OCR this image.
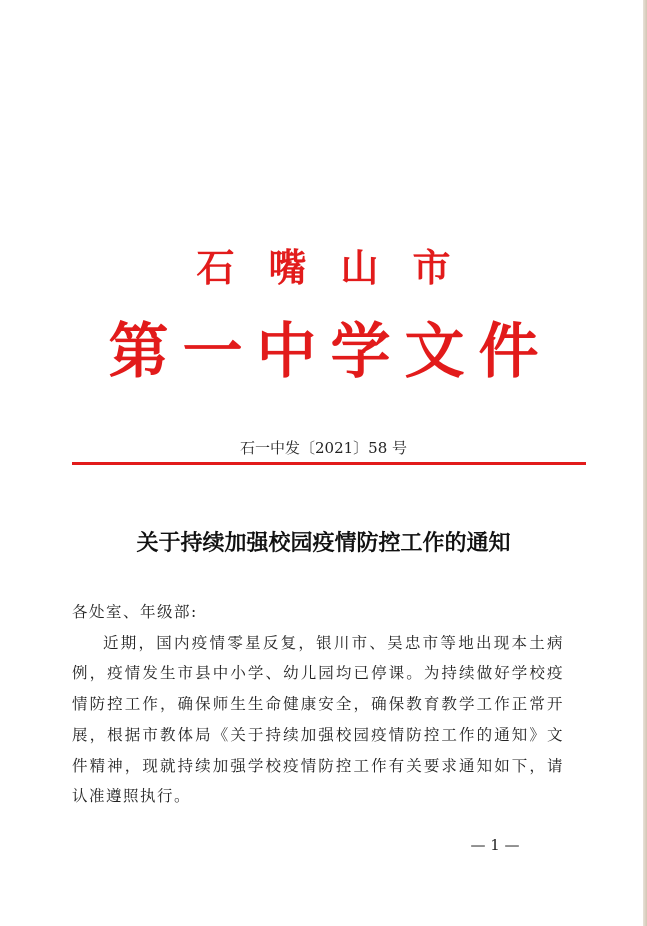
石嘴山市
第一中学文件
石一中发〔2021〕58 号
关于持续加强校园疫情防控工作的通知

各处室、年级部:

近期，国内疫情零星反复，银川市、吴忠市等地出现本土病例，疫情发生市县中小学、幼儿园均已停课。为持续做好学校疫情防控工作，确保师生生命健康安全，确保教育教学工作正常开展，根据市教体局《关于持续加强校园疫情防控工作的通知》文件精神，现就持续加强学校疫情防控工作有关要求通知如下，请认准遵照执行。

— 1 —
